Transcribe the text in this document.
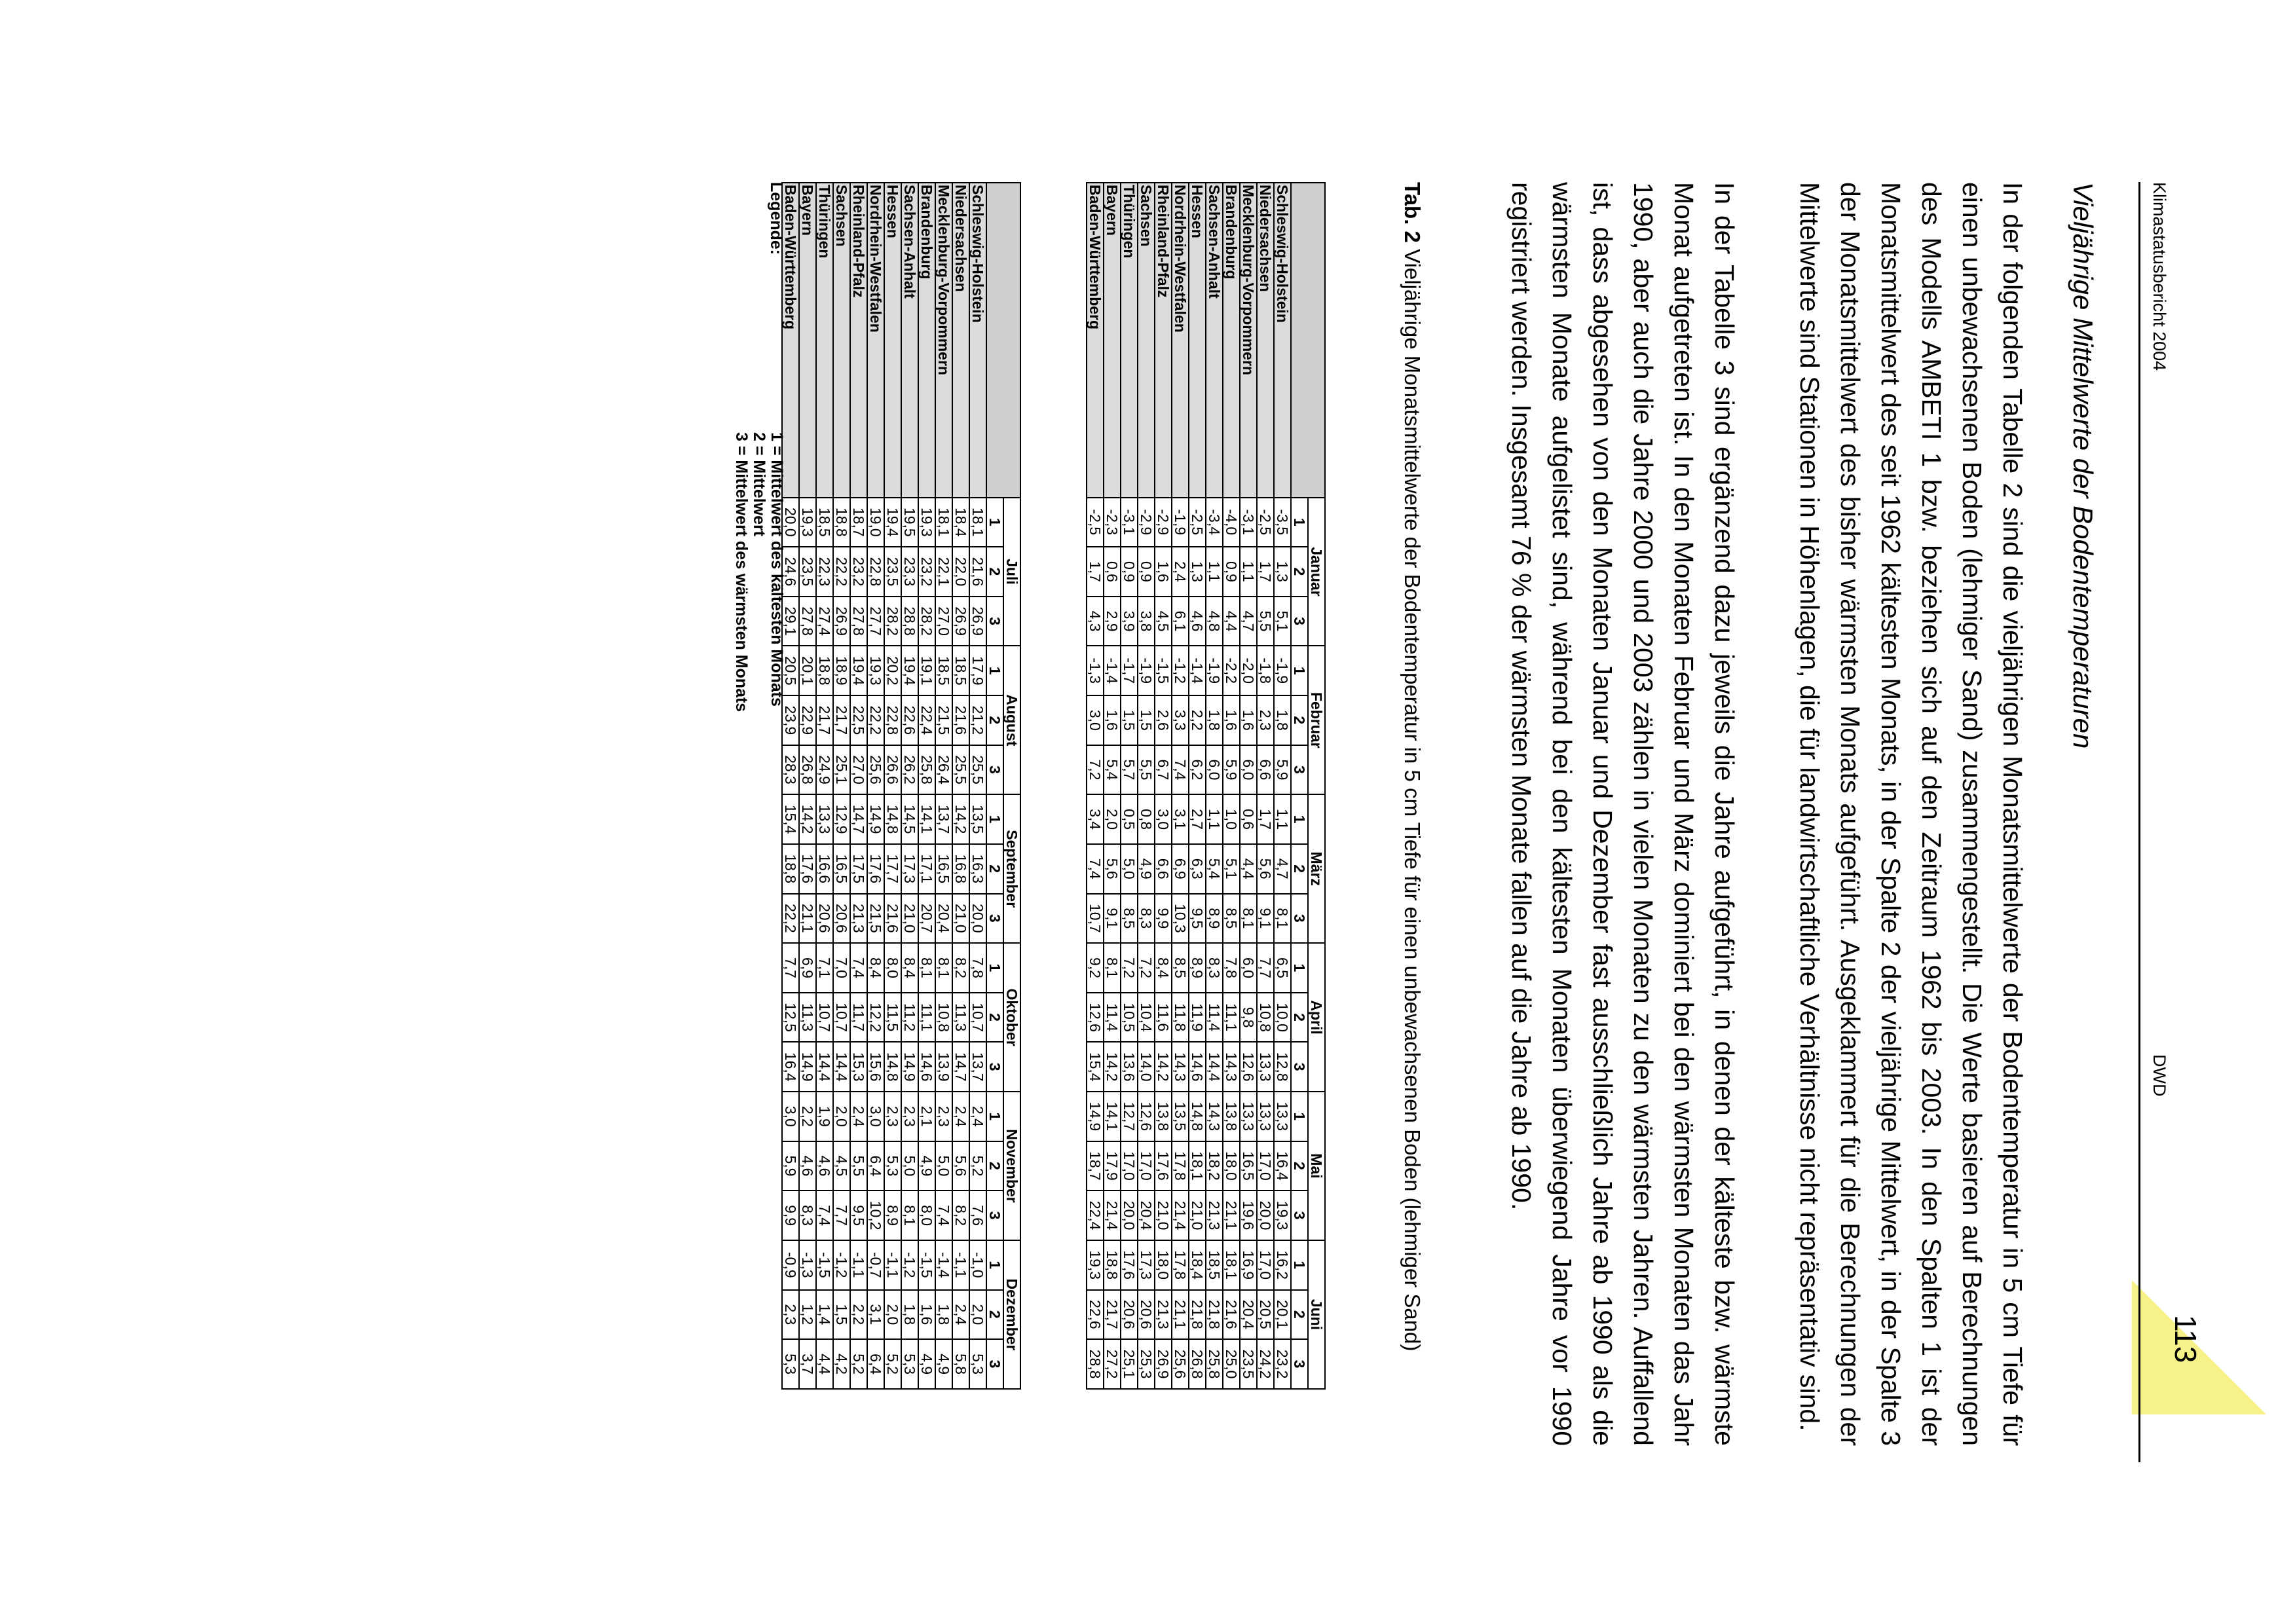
Klimastatusbericht 2004
DWD
113
Vieljährige Mittelwerte der Bodentemperaturen

In der folgenden Tabelle 2 sind die vieljährigen Monatsmittelwerte der Bodentemperatur in 5 cm Tiefe für einen unbewachsenen Boden (lehmiger Sand) zusammengestellt. Die Werte basieren auf Berechnungen des Modells AMBETI 1 bzw. beziehen sich auf den Zeitraum 1962 bis 2003. In den Spalten 1 ist der Monatsmittelwert des seit 1962 kältesten Monats, in der Spalte 2 der vieljährige Mittelwert, in der Spalte 3 der Monatsmittelwert des bisher wärmsten Monats aufgeführt. Ausgeklammert für die Berechnungen der Mittelwerte sind Stationen in Höhenlagen, die für landwirtschaftliche Verhältnisse nicht repräsentativ sind.

In der Tabelle 3 sind ergänzend dazu jeweils die Jahre aufgeführt, in denen der kälteste bzw. wärmste Monat aufgetreten ist. In den Monaten Februar und März dominiert bei den wärmsten Monaten das Jahr 1990, aber auch die Jahre 2000 und 2003 zählen in vielen Monaten zu den wärmsten Jahren. Auffallend ist, dass abgesehen von den Monaten Januar und Dezember fast ausschließlich Jahre ab 1990 als die wärmsten Monate aufgelistet sind, während bei den kältesten Monaten überwiegend Jahre vor 1990 registriert werden. Insgesamt 76 % der wärmsten Monate fallen auf die Jahre ab 1990.

Tab. 2 Vieljährige Monatsmittelwerte der Bodentemperatur in 5 cm Tiefe für einen unbewachsenen Boden (lehmiger Sand)

	Januar			Februar			März			April			Mai			Juni		
	1	2	3	1	2	3	1	2	3	1	2	3	1	2	3	1	2	3
Schleswig-Holstein	-3,5	1,3	5,1	-1,9	1,8	5,9	1,1	4,7	8,1	6,5	10,0	12,8	13,3	16,4	19,3	16,2	20,1	23,2
Niedersachsen	-2,5	1,7	5,5	-1,8	2,3	6,6	1,7	5,6	9,1	7,7	10,8	13,3	13,3	17,0	20,0	17,0	20,5	24,2
Mecklenburg-Vorpommern	-3,1	1,1	4,7	-2,0	1,6	6,0	0,6	4,4	8,1	6,0	9,8	12,6	13,3	16,5	19,6	16,9	20,4	23,5
Brandenburg	-4,0	0,9	4,4	-2,2	1,6	5,9	1,0	5,1	8,5	7,8	11,1	14,3	13,8	18,0	21,1	18,1	21,6	25,0
Sachsen-Anhalt	-3,4	1,1	4,8	-1,9	1,8	6,0	1,1	5,4	8,9	8,3	11,4	14,4	14,3	18,2	21,3	18,5	21,8	25,8
Hessen	-2,5	1,3	4,6	-1,4	2,2	6,2	2,7	6,3	9,5	8,9	11,9	14,6	14,8	18,1	21,0	18,4	21,8	26,8
Nordrhein-Westfalen	-1,9	2,4	6,1	-1,2	3,3	7,4	3,1	6,9	10,3	8,5	11,8	14,3	13,5	17,8	21,4	17,8	21,1	25,6
Rheinland-Pfalz	-2,9	1,6	4,5	-1,5	2,6	6,7	3,0	6,6	9,9	8,4	11,6	14,2	13,8	17,6	21,0	18,0	21,3	26,9
Sachsen	-2,9	0,9	3,8	-1,9	1,5	5,5	0,8	4,9	8,3	7,2	10,4	14,0	12,6	17,0	20,4	17,3	20,6	25,3
Thüringen	-3,1	0,9	3,9	-1,7	1,5	5,7	0,5	5,0	8,5	7,2	10,5	13,6	12,7	17,0	20,0	17,6	20,6	25,1
Bayern	-2,3	0,6	2,9	-1,4	1,6	5,4	2,0	5,6	9,1	8,1	11,4	14,2	14,1	17,9	21,4	18,8	21,7	27,2
Baden-Württemberg	-2,5	1,7	4,3	-1,3	3,0	7,2	3,4	7,4	10,7	9,2	12,6	15,4	14,9	18,7	22,4	19,3	22,6	28,8
	Juli			August			September			Oktober			November			Dezember		
	1	2	3	1	2	3	1	2	3	1	2	3	1	2	3	1	2	3
Schleswig-Holstein	18,1	21,6	26,9	17,9	21,2	25,5	13,5	16,3	20,0	7,8	10,7	13,7	2,4	5,2	7,6	-1,0	2,0	5,3
Niedersachsen	18,4	22,0	26,9	18,5	21,6	25,5	14,2	16,8	21,0	8,2	11,3	14,7	2,4	5,6	8,2	-1,1	2,4	5,8
Mecklenburg-Vorpommern	18,1	22,1	27,0	18,5	21,5	26,4	13,7	16,5	20,4	8,1	10,8	13,9	2,3	5,0	7,4	-1,4	1,8	4,9
Brandenburg	19,3	23,2	28,2	19,1	22,4	25,8	14,1	17,1	20,7	8,1	11,1	14,6	2,1	4,9	8,0	-1,5	1,6	4,9
Sachsen-Anhalt	19,5	23,3	28,8	19,4	22,6	26,2	14,5	17,3	21,0	8,4	11,2	14,9	2,3	5,0	8,1	-1,2	1,8	5,3
Hessen	19,4	23,5	28,2	20,2	22,8	26,6	14,8	17,7	21,6	8,0	11,5	14,8	2,3	5,3	8,9	-1,1	2,0	5,2
Nordrhein-Westfalen	19,0	22,8	27,7	19,3	22,2	25,6	14,9	17,6	21,5	8,4	12,2	15,6	3,0	6,4	10,2	-0,7	3,1	6,4
Rheinland-Pfalz	18,7	23,2	27,8	19,4	22,5	27,0	14,7	17,5	21,3	7,4	11,7	15,3	2,4	5,5	9,5	-1,1	2,2	5,2
Sachsen	18,8	22,2	26,9	18,9	21,7	25,1	12,9	16,5	20,6	7,0	10,7	14,4	2,0	4,5	7,7	-1,2	1,5	4,2
Thüringen	18,5	22,3	27,4	18,8	21,7	24,9	13,3	16,6	20,6	7,1	10,7	14,4	1,9	4,6	7,4	-1,5	1,4	4,4
Bayern	19,3	23,5	27,8	20,1	22,9	26,8	14,2	17,6	21,1	6,9	11,3	14,9	2,2	4,6	8,3	-1,3	1,2	3,7
Baden-Württemberg	20,0	24,6	29,1	20,5	23,9	28,3	15,4	18,8	22,2	7,7	12,5	16,4	3,0	5,9	9,9	-0,9	2,3	5,3
Legende:
1 = Mittelwert des kältesten Monats
2 = Mittelwert
3 = Mittelwert des wärmsten Monats
